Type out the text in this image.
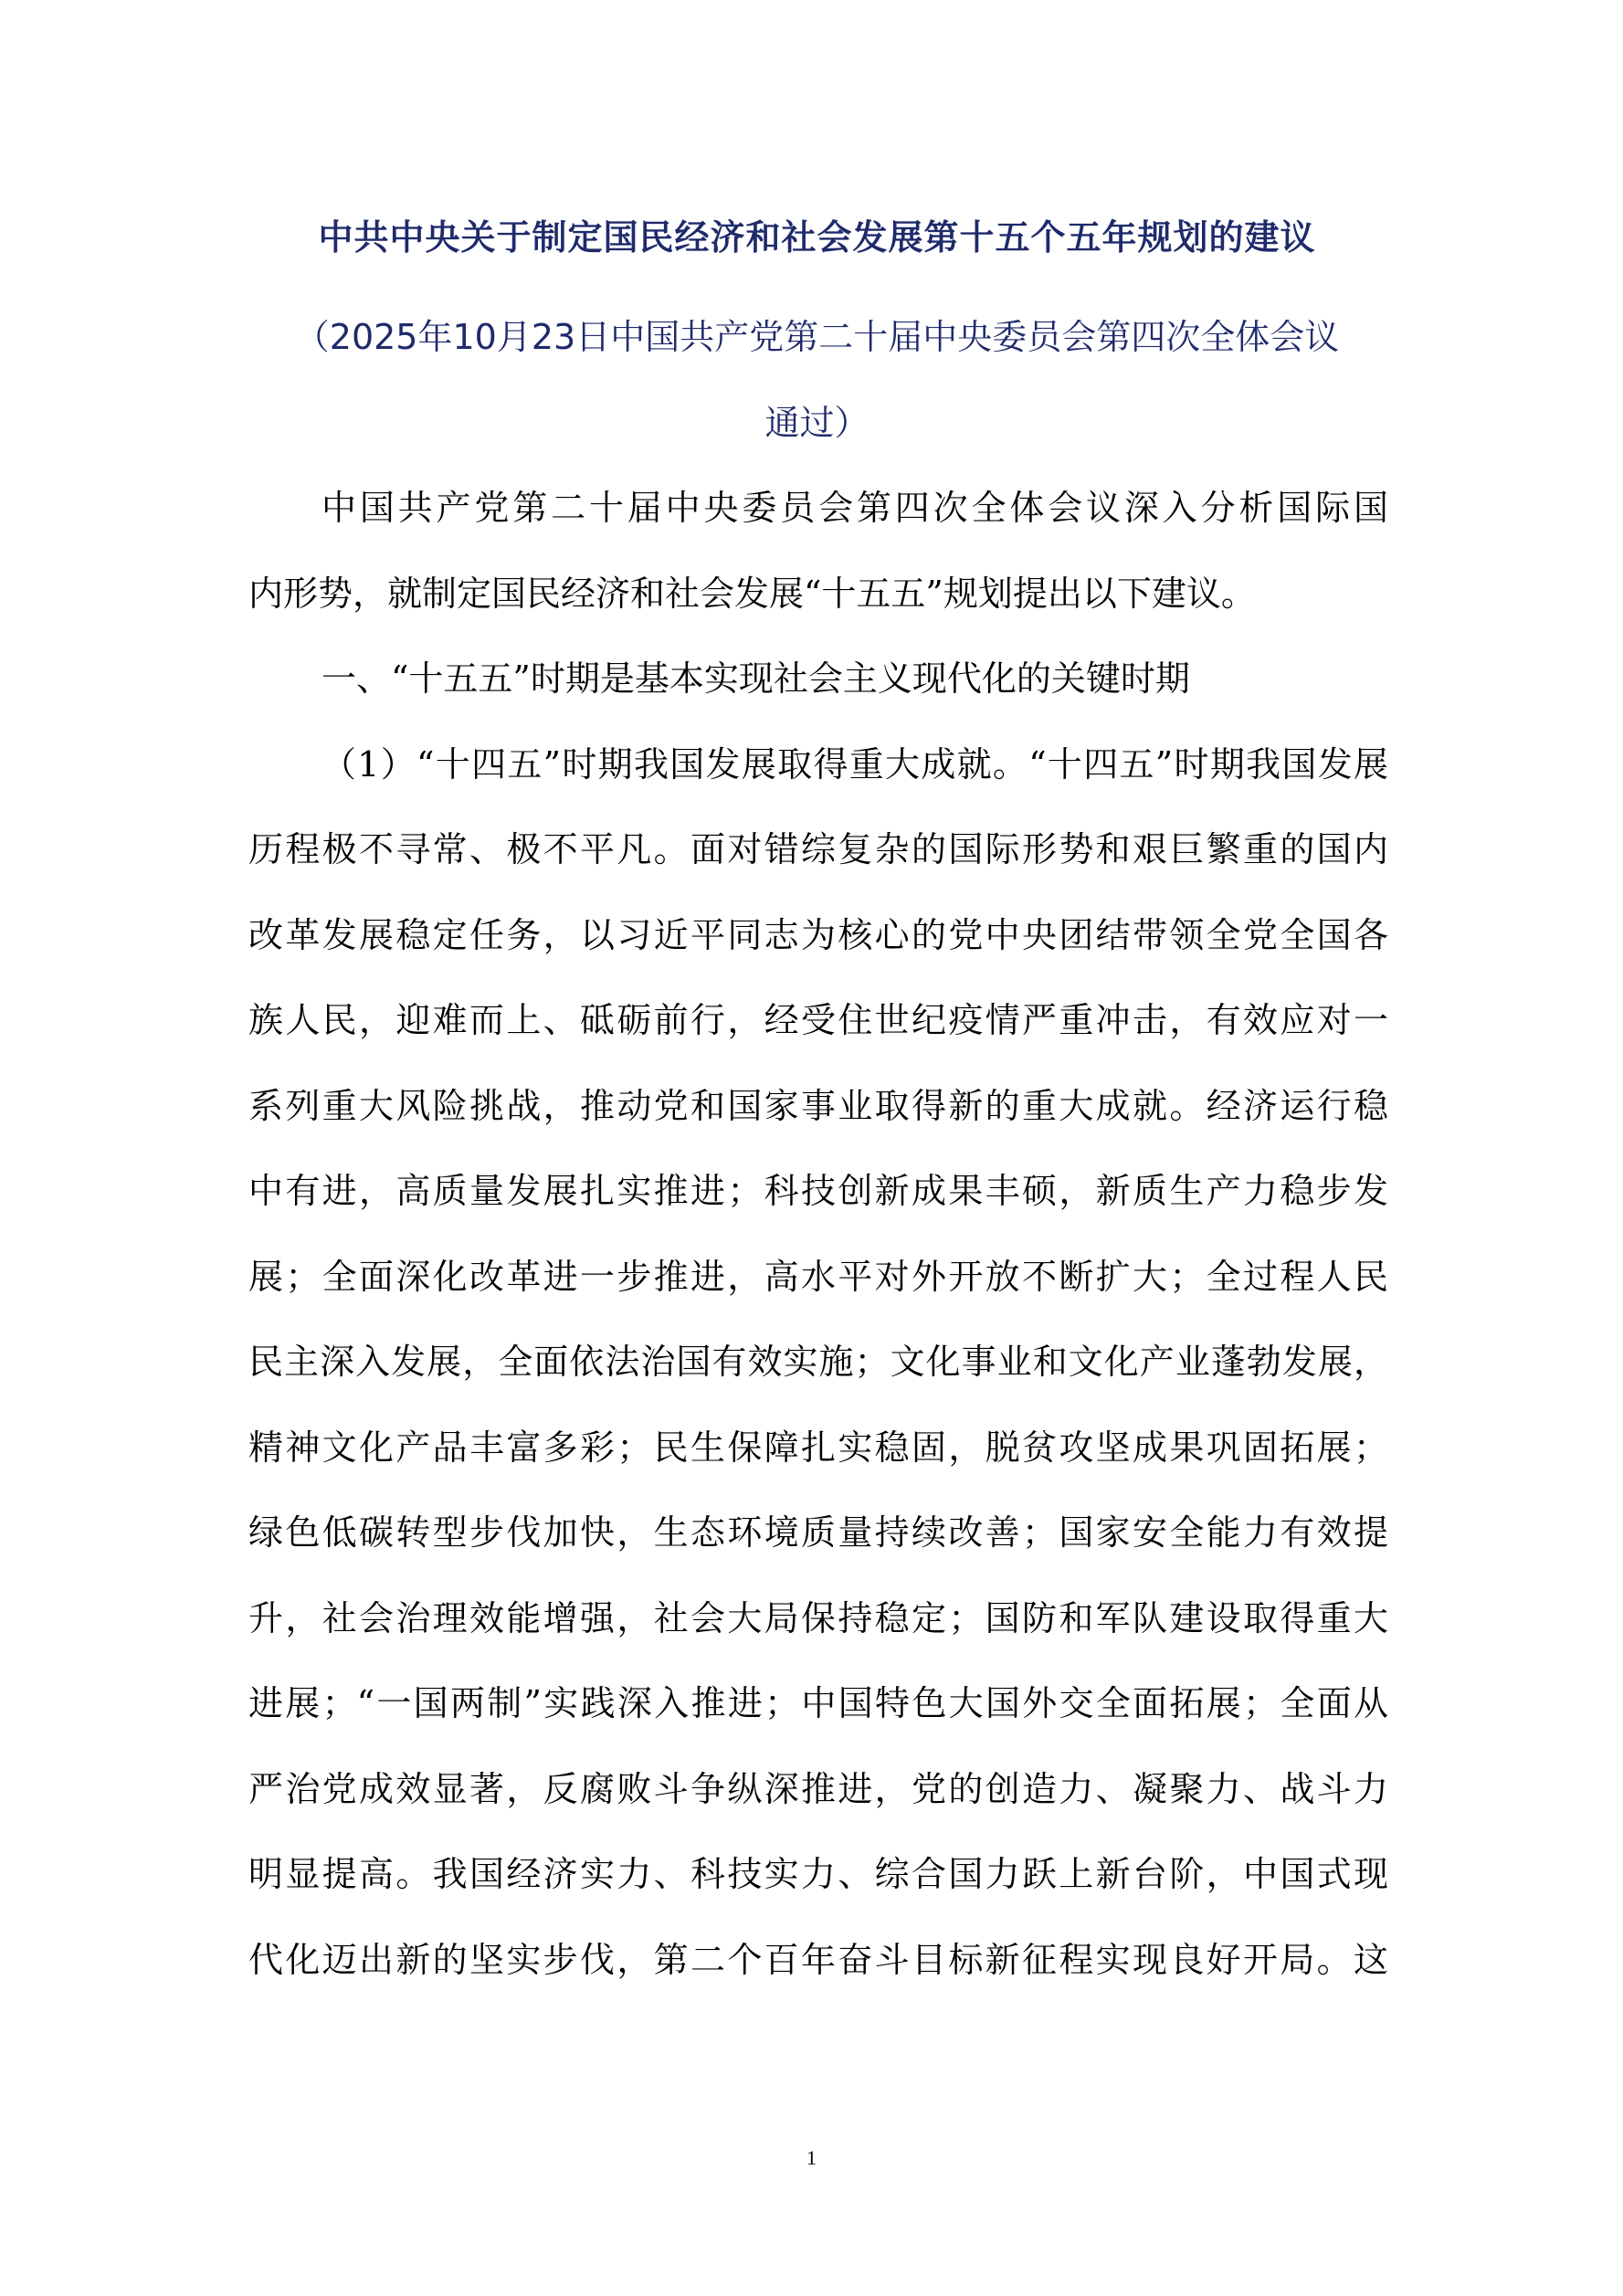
中共中央关于制定国民经济和社会发展第十五个五年规划的建议
（2025年10月23日中国共产党第二十届中央委员会第四次全体会议
通过）
中国共产党第二十届中央委员会第四次全体会议深入分析国际国
内形势，就制定国民经济和社会发展“十五五”规划提出以下建议。
一、“十五五”时期是基本实现社会主义现代化的关键时期
（1）“十四五”时期我国发展取得重大成就。“十四五”时期我国发展
历程极不寻常、极不平凡。面对错综复杂的国际形势和艰巨繁重的国内
改革发展稳定任务，以习近平同志为核心的党中央团结带领全党全国各
族人民，迎难而上、砥砺前行，经受住世纪疫情严重冲击，有效应对一
系列重大风险挑战，推动党和国家事业取得新的重大成就。经济运行稳
中有进，高质量发展扎实推进；科技创新成果丰硕，新质生产力稳步发
展；全面深化改革进一步推进，高水平对外开放不断扩大；全过程人民
民主深入发展，全面依法治国有效实施；文化事业和文化产业蓬勃发展，
精神文化产品丰富多彩；民生保障扎实稳固，脱贫攻坚成果巩固拓展；
绿色低碳转型步伐加快，生态环境质量持续改善；国家安全能力有效提
升，社会治理效能增强，社会大局保持稳定；国防和军队建设取得重大
进展；“一国两制”实践深入推进；中国特色大国外交全面拓展；全面从
严治党成效显著，反腐败斗争纵深推进，党的创造力、凝聚力、战斗力
明显提高。我国经济实力、科技实力、综合国力跃上新台阶，中国式现
代化迈出新的坚实步伐，第二个百年奋斗目标新征程实现良好开局。这
1
